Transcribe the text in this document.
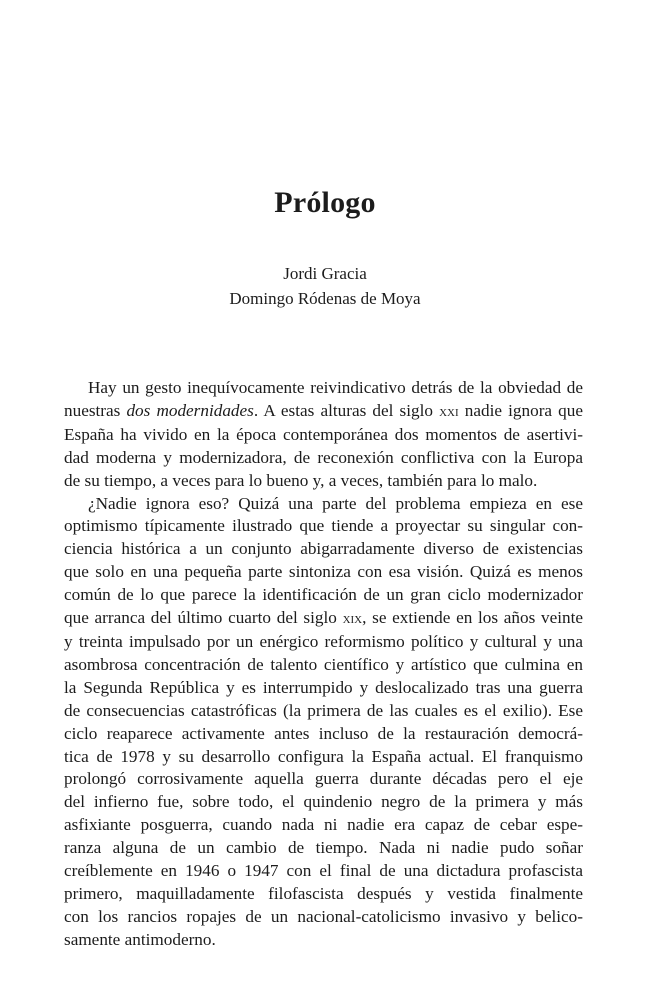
Prólogo
Jordi Gracia
Domingo Ródenas de Moya
Hay un gesto inequívocamente reivindicativo detrás de la obviedad de
nuestras dos modernidades. A estas alturas del siglo xxi nadie ignora que
España ha vivido en la época contemporánea dos momentos de asertivi-
dad moderna y modernizadora, de reconexión conflictiva con la Europa
de su tiempo, a veces para lo bueno y, a veces, también para lo malo.
¿Nadie ignora eso? Quizá una parte del problema empieza en ese
optimismo típicamente ilustrado que tiende a proyectar su singular con-
ciencia histórica a un conjunto abigarradamente diverso de existencias
que solo en una pequeña parte sintoniza con esa visión. Quizá es menos
común de lo que parece la identificación de un gran ciclo modernizador
que arranca del último cuarto del siglo xix, se extiende en los años veinte
y treinta impulsado por un enérgico reformismo político y cultural y una
asombrosa concentración de talento científico y artístico que culmina en
la Segunda República y es interrumpido y deslocalizado tras una guerra
de consecuencias catastróficas (la primera de las cuales es el exilio). Ese
ciclo reaparece activamente antes incluso de la restauración democrá-
tica de 1978 y su desarrollo configura la España actual. El franquismo
prolongó corrosivamente aquella guerra durante décadas pero el eje
del infierno fue, sobre todo, el quindenio negro de la primera y más
asfixiante posguerra, cuando nada ni nadie era capaz de cebar espe-
ranza alguna de un cambio de tiempo. Nada ni nadie pudo soñar
creíblemente en 1946 o 1947 con el final de una dictadura profascista
primero, maquilladamente filofascista después y vestida finalmente
con los rancios ropajes de un nacional-catolicismo invasivo y belico-
samente antimoderno.
